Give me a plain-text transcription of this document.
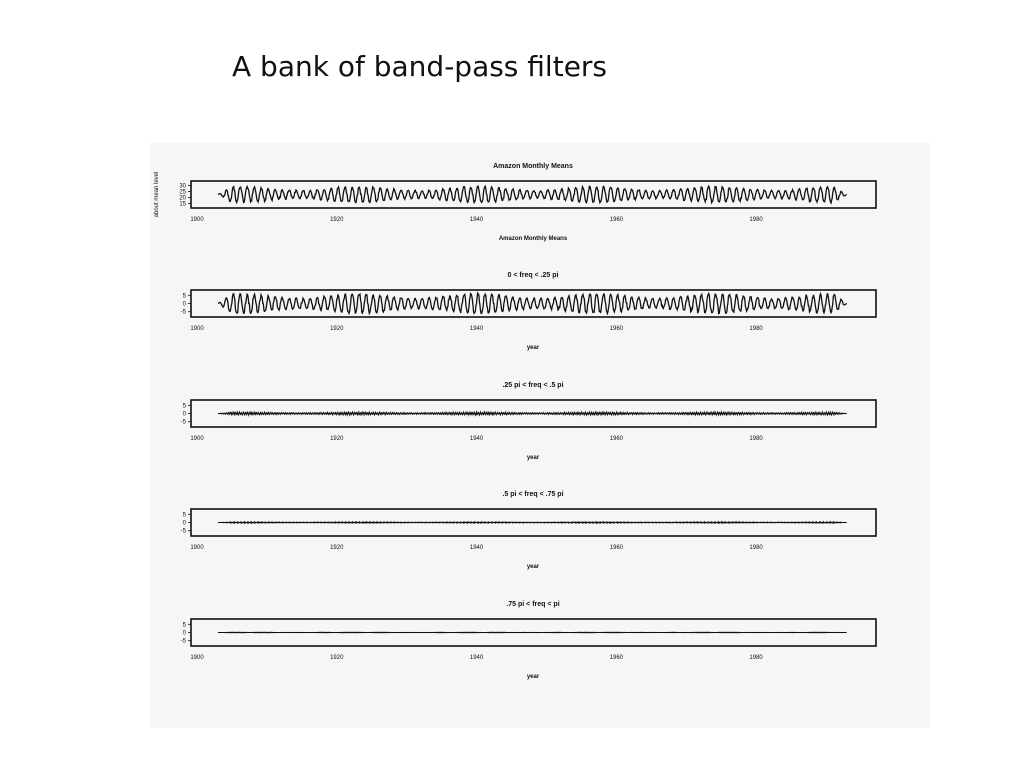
A bank of band-pass filters
Amazon Monthly Means
1900	1920	1940	1960	1980
15
20
25
30
Amazon Monthly Means
about mean level
0 < freq < .25 pi
1900	1920	1940	1960	1980
-5
0
5
year
.25 pi < freq < .5 pi
1900	1920	1940	1960	1980
-5
0
5
year
.5 pi < freq < .75 pi
1900	1920	1940	1960	1980
-5
0
5
year
.75 pi < freq < pi
1900	1920	1940	1960	1980
-5
0
5
year
